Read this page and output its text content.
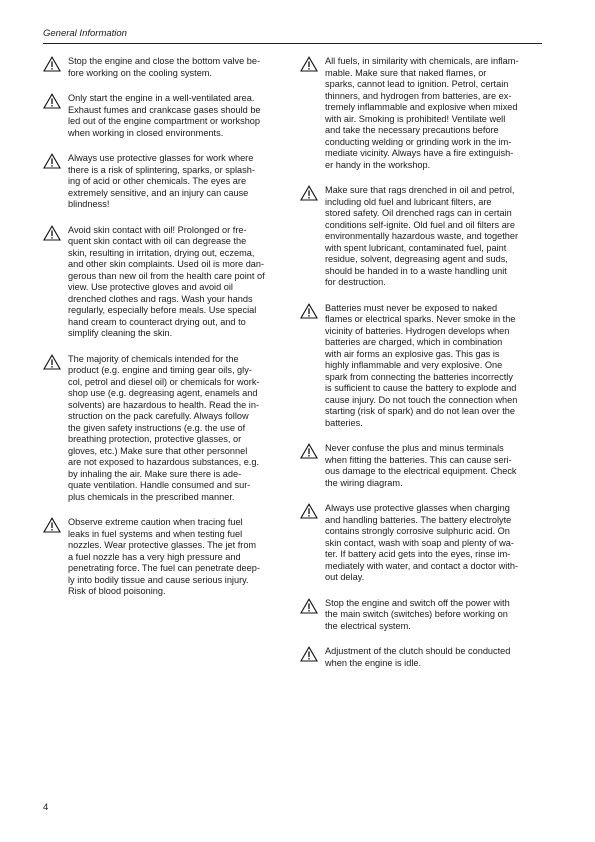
General Information

Stop the engine and close the bottom valve be-
fore working on the cooling system.

Only start the engine in a well-ventilated area.
Exhaust fumes and crankcase gases should be
led out of the engine compartment or workshop
when working in closed environments.

Always use protective glasses for work where
there is a risk of splintering, sparks, or splash-
ing of acid or other chemicals. The eyes are
extremely sensitive, and an injury can cause
blindness!

Avoid skin contact with oil! Prolonged or fre-
quent skin contact with oil can degrease the
skin, resulting in irritation, drying out, eczema,
and other skin complaints. Used oil is more dan-
gerous than new oil from the health care point of
view. Use protective gloves and avoid oil
drenched clothes and rags. Wash your hands
regularly, especially before meals. Use special
hand cream to counteract drying out, and to
simplify cleaning the skin.

The majority of chemicals intended for the
product (e.g. engine and timing gear oils, gly-
col, petrol and diesel oil) or chemicals for work-
shop use (e.g. degreasing agent, enamels and
solvents) are hazardous to health. Read the in-
struction on the pack carefully. Always follow
the given safety instructions (e.g. the use of
breathing protection, protective glasses, or
gloves, etc.) Make sure that other personnel
are not exposed to hazardous substances, e.g.
by inhaling the air. Make sure there is ade-
quate ventilation. Handle consumed and sur-
plus chemicals in the prescribed manner.

Observe extreme caution when tracing fuel
leaks in fuel systems and when testing fuel
nozzles. Wear protective glasses. The jet from
a fuel nozzle has a very high pressure and
penetrating force. The fuel can penetrate deep-
ly into bodily tissue and cause serious injury.
Risk of blood poisoning.

All fuels, in similarity with chemicals, are inflam-
mable. Make sure that naked flames, or
sparks, cannot lead to ignition. Petrol, certain
thinners, and hydrogen from batteries, are ex-
tremely inflammable and explosive when mixed
with air. Smoking is prohibited! Ventilate well
and take the necessary precautions before
conducting welding or grinding work in the im-
mediate vicinity. Always have a fire extinguish-
er handy in the workshop.

Make sure that rags drenched in oil and petrol,
including old fuel and lubricant filters, are
stored safety. Oil drenched rags can in certain
conditions self-ignite. Old fuel and oil filters are
environmentally hazardous waste, and together
with spent lubricant, contaminated fuel, paint
residue, solvent, degreasing agent and suds,
should be handed in to a waste handling unit
for destruction.

Batteries must never be exposed to naked
flames or electrical sparks. Never smoke in the
vicinity of batteries. Hydrogen develops when
batteries are charged, which in combination
with air forms an explosive gas. This gas is
highly inflammable and very explosive. One
spark from connecting the batteries incorrectly
is sufficient to cause the battery to explode and
cause injury. Do not touch the connection when
starting (risk of spark) and do not lean over the
batteries.

Never confuse the plus and minus terminals
when fitting the batteries. This can cause seri-
ous damage to the electrical equipment. Check
the wiring diagram.

Always use protective glasses when charging
and handling batteries. The battery electrolyte
contains strongly corrosive sulphuric acid. On
skin contact, wash with soap and plenty of wa-
ter. If battery acid gets into the eyes, rinse im-
mediately with water, and contact a doctor with-
out delay.

Stop the engine and switch off the power with
the main switch (switches) before working on
the electrical system.

Adjustment of the clutch should be conducted
when the engine is idle.

4
